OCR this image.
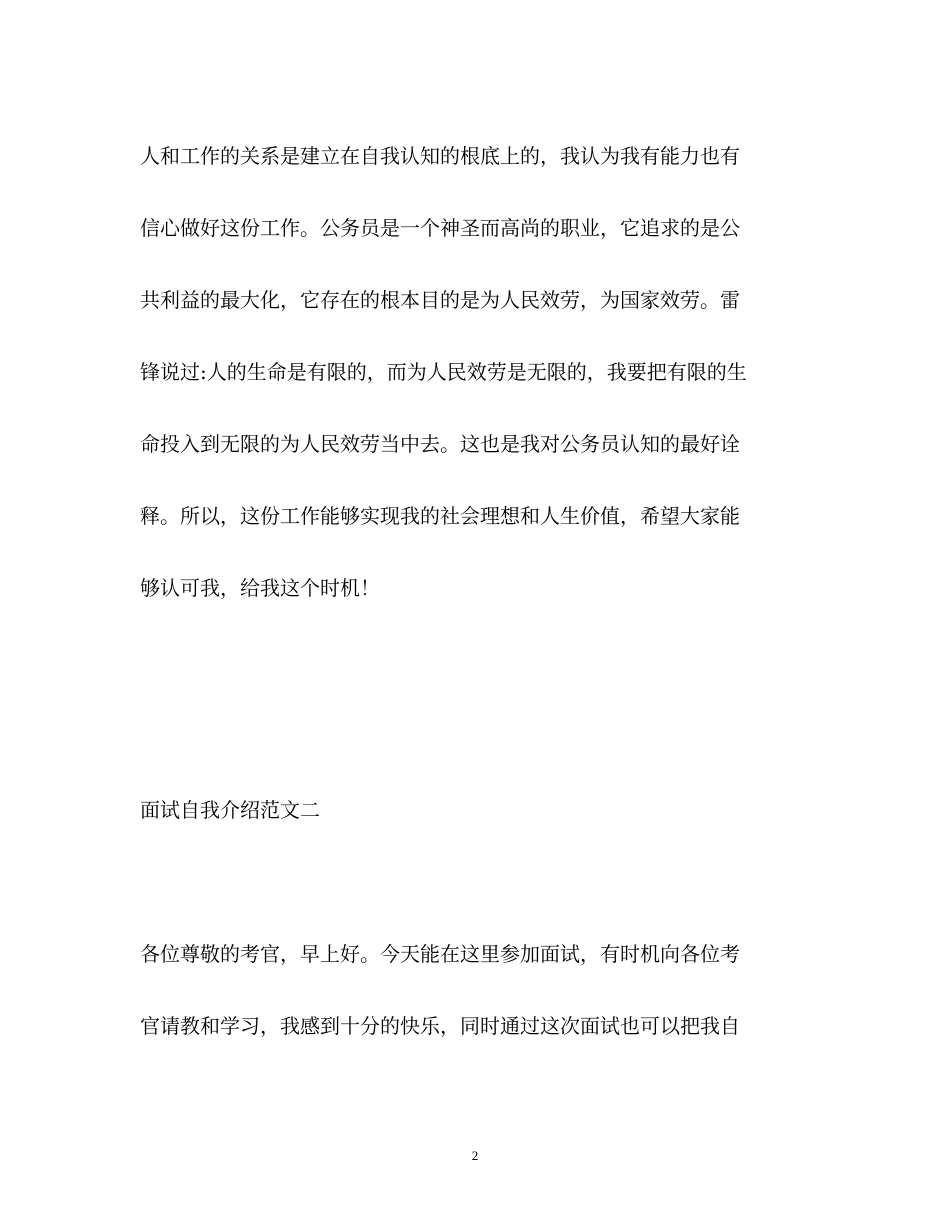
人和工作的关系是建立在自我认知的根底上的，我认为我有能力也有
信心做好这份工作。公务员是一个神圣而高尚的职业，它追求的是公
共利益的最大化，它存在的根本目的是为人民效劳，为国家效劳。雷
锋说过:人的生命是有限的，而为人民效劳是无限的，我要把有限的生
命投入到无限的为人民效劳当中去。这也是我对公务员认知的最好诠
释。所以，这份工作能够实现我的社会理想和人生价值，希望大家能
够认可我，给我这个时机！
面试自我介绍范文二
各位尊敬的考官，早上好。今天能在这里参加面试，有时机向各位考
官请教和学习，我感到十分的快乐，同时通过这次面试也可以把我自
2
